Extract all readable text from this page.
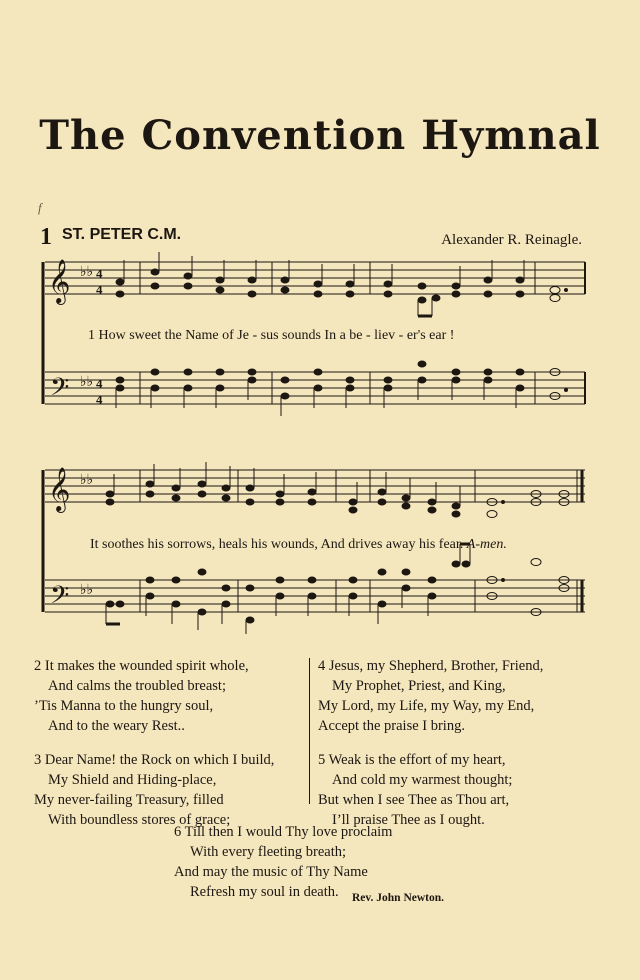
The Convention Hymnal
f
1 ST. PETER C.M.	Alexander R. Reinagle.
𝄞
𝄢
♭♭
♭♭
4
4
4
4
1 How sweet the Name of Je - sus sounds In a be - liev - er's ear !
𝄞
𝄢
♭♭
♭♭
It soothes his sorrows, heals his wounds, And drives away his fear. A-men.
2 It makes the wounded spirit whole,
And calms the troubled breast;
’Tis Manna to the hungry soul,
And to the weary Rest..
3 Dear Name! the Rock on which I build,
My Shield and Hiding-place,
My never-failing Treasury, filled
With boundless stores of grace;
4 Jesus, my Shepherd, Brother, Friend,
My Prophet, Priest, and King,
My Lord, my Life, my Way, my End,
Accept the praise I bring.
5 Weak is the effort of my heart,
And cold my warmest thought;
But when I see Thee as Thou art,
I’ll praise Thee as I ought.
6 Till then I would Thy love proclaim
With every fleeting breath;
And may the music of Thy Name
Refresh my soul in death.	Rev. John Newton.
